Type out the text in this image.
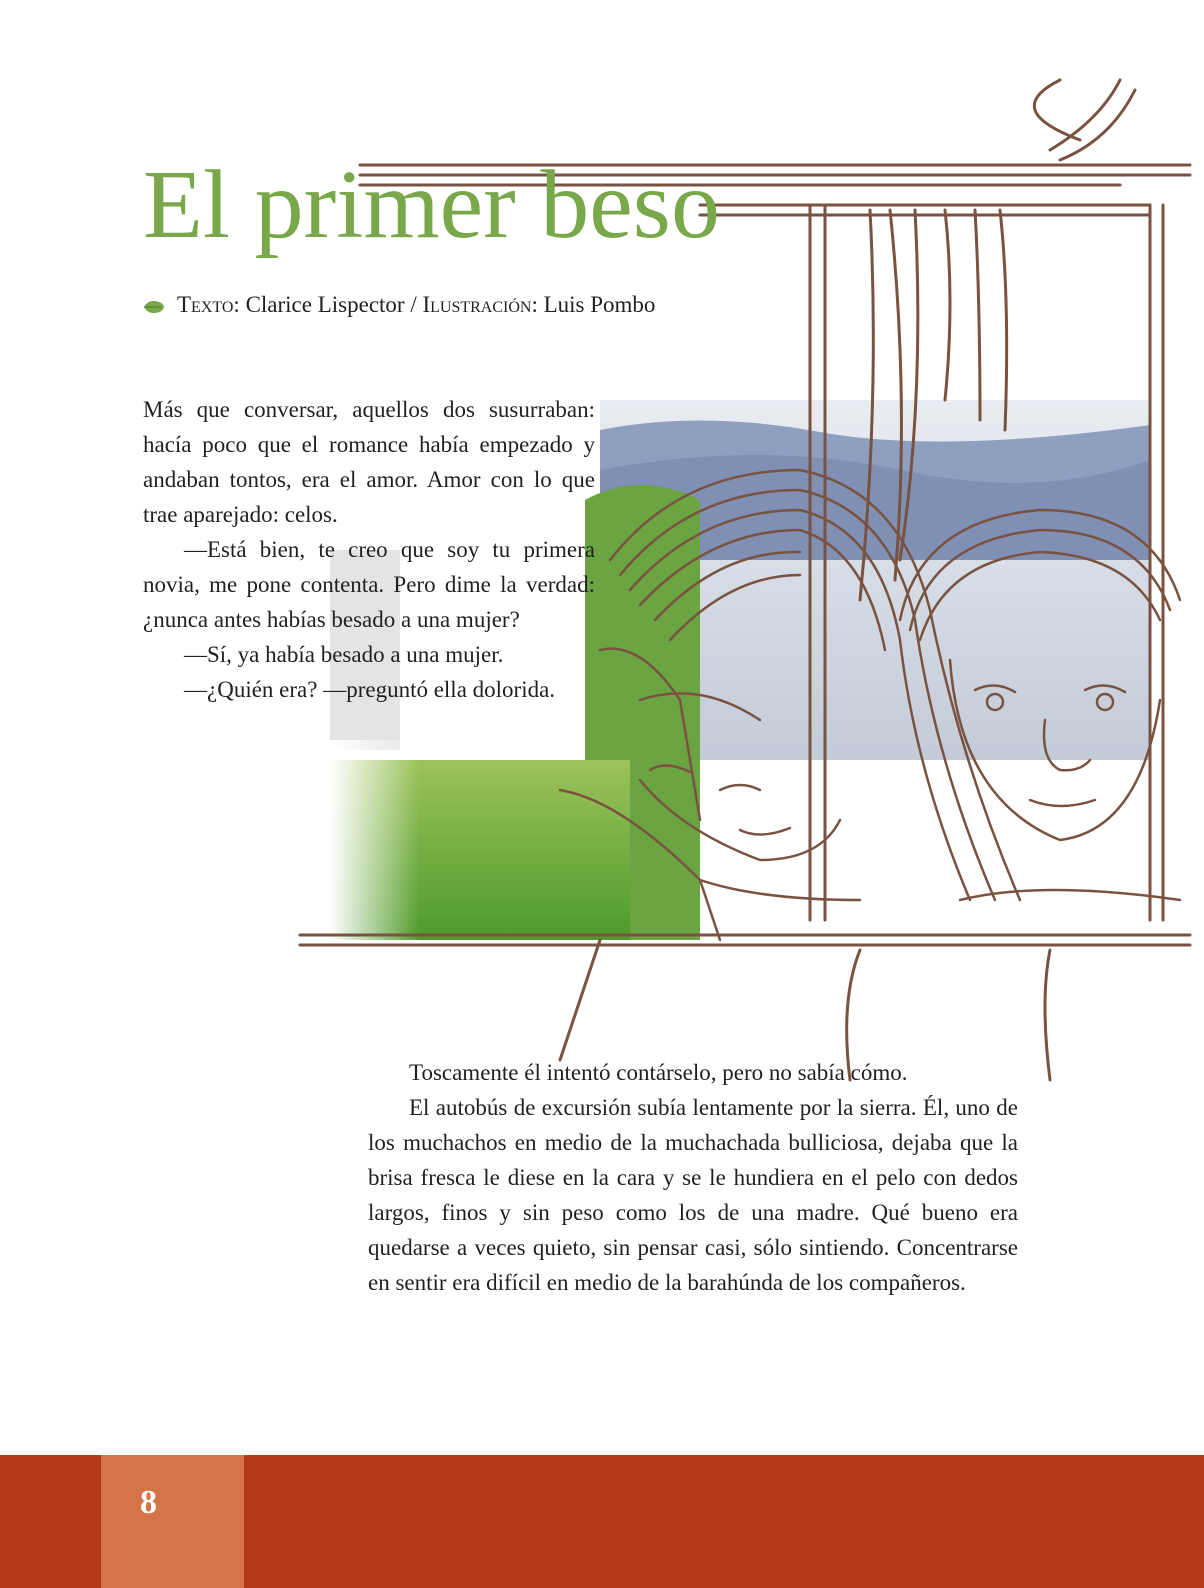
El primer beso
Texto: Clarice Lispector / Ilustración: Luis Pombo

Más que conversar, aquellos dos susurraban: hacía poco que el romance había empezado y andaban tontos, era el amor. Amor con lo que trae aparejado: celos.

—Está bien, te creo que soy tu primera novia, me pone contenta. Pero dime la verdad: ¿nunca antes habías besado a una mujer?

—Sí, ya había besado a una mujer.

—¿Quién era? —preguntó ella dolorida.

Toscamente él intentó contárselo, pero no sabía cómo.

El autobús de excursión subía lentamente por la sierra. Él, uno de los muchachos en medio de la muchachada bulliciosa, dejaba que la brisa fresca le diese en la cara y se le hundiera en el pelo con dedos largos, finos y sin peso como los de una madre. Qué bueno era quedarse a veces quieto, sin pensar casi, sólo sintiendo. Concentrarse en sentir era difícil en medio de la barahúnda de los compañeros.

8
